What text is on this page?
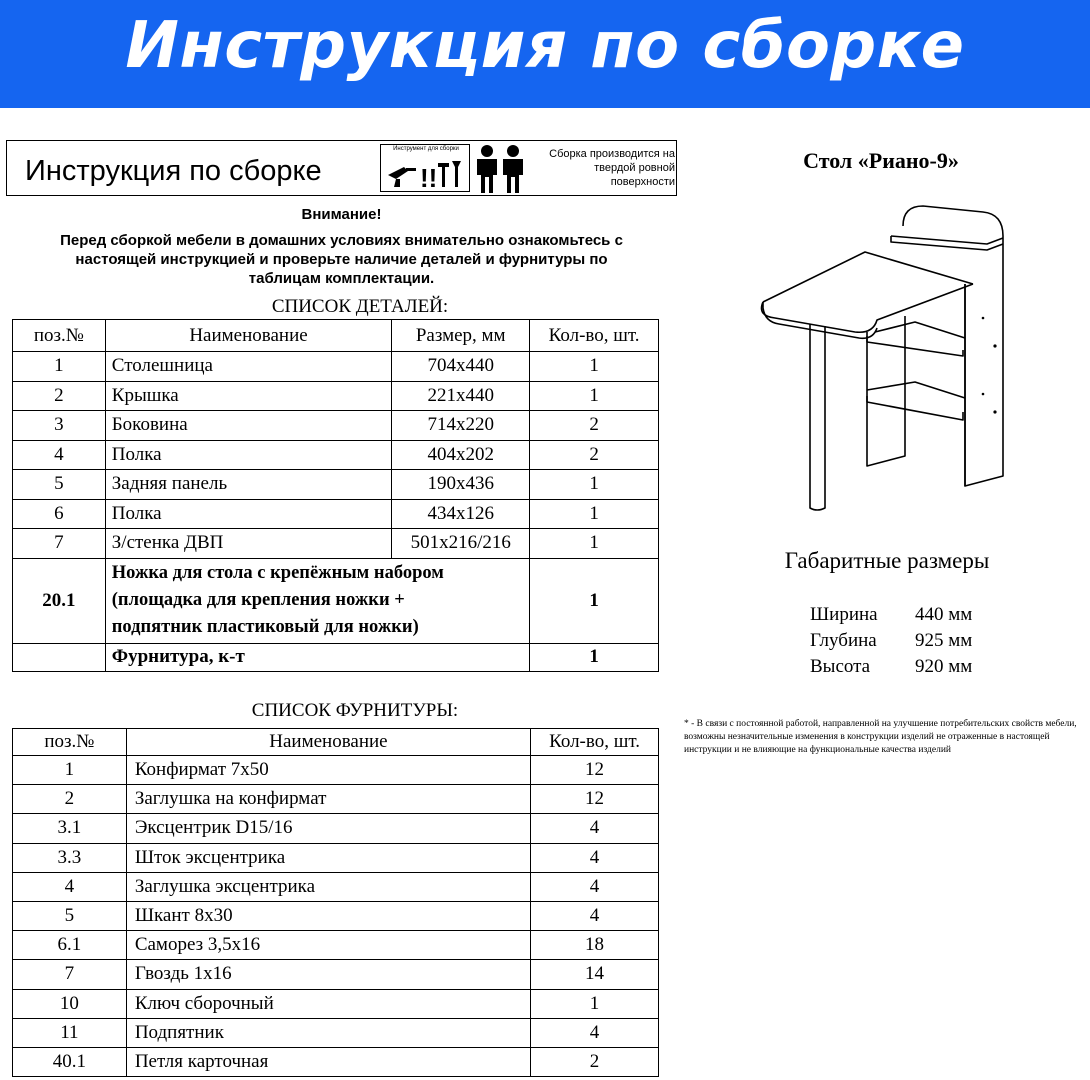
Инструкция по сборке
Инструкция по сборке
Инструмент для сборки
!!
Сборка производится на твердой ровной поверхности
Внимание!
Перед сборкой мебели в домашних условиях внимательно ознакомьтесь с
настоящей инструкцией и проверьте наличие деталей и фурнитуры по
таблицам комплектации.
СПИСОК ДЕТАЛЕЙ:
поз.№	Наименование	Размер, мм	Кол-во, шт.
1	Столешница	704х440	1
2	Крышка	221х440	1
3	Боковина	714х220	2
4	Полка	404х202	2
5	Задняя панель	190х436	1
6	Полка	434х126	1
7	З/стенка ДВП	501х216/216	1
20.1	Ножка для стола с крепёжным набором
(площадка для крепления ножки +
подпятник пластиковый для ножки)		1
	Фурнитура, к-т		1
СПИСОК ФУРНИТУРЫ:
поз.№	Наименование	Кол-во, шт.
1	Конфирмат 7х50	12
2	Заглушка на конфирмат	12
3.1	Эксцентрик D15/16	4
3.3	Шток эксцентрика	4
4	Заглушка эксцентрика	4
5	Шкант 8х30	4
6.1	Саморез 3,5х16	18
7	Гвоздь 1х16	14
10	Ключ сборочный	1
11	Подпятник	4
40.1	Петля карточная	2
Стол «Риано-9»
Габаритные размеры
Ширина	440 мм
Глубина	925 мм
Высота	920 мм
* - В связи с постоянной работой, направленной на улучшение потребительских свойств мебели, возможны незначительные изменения в конструкции изделий не отраженные в настоящей инструкции и не влияющие на функциональные качества изделий
